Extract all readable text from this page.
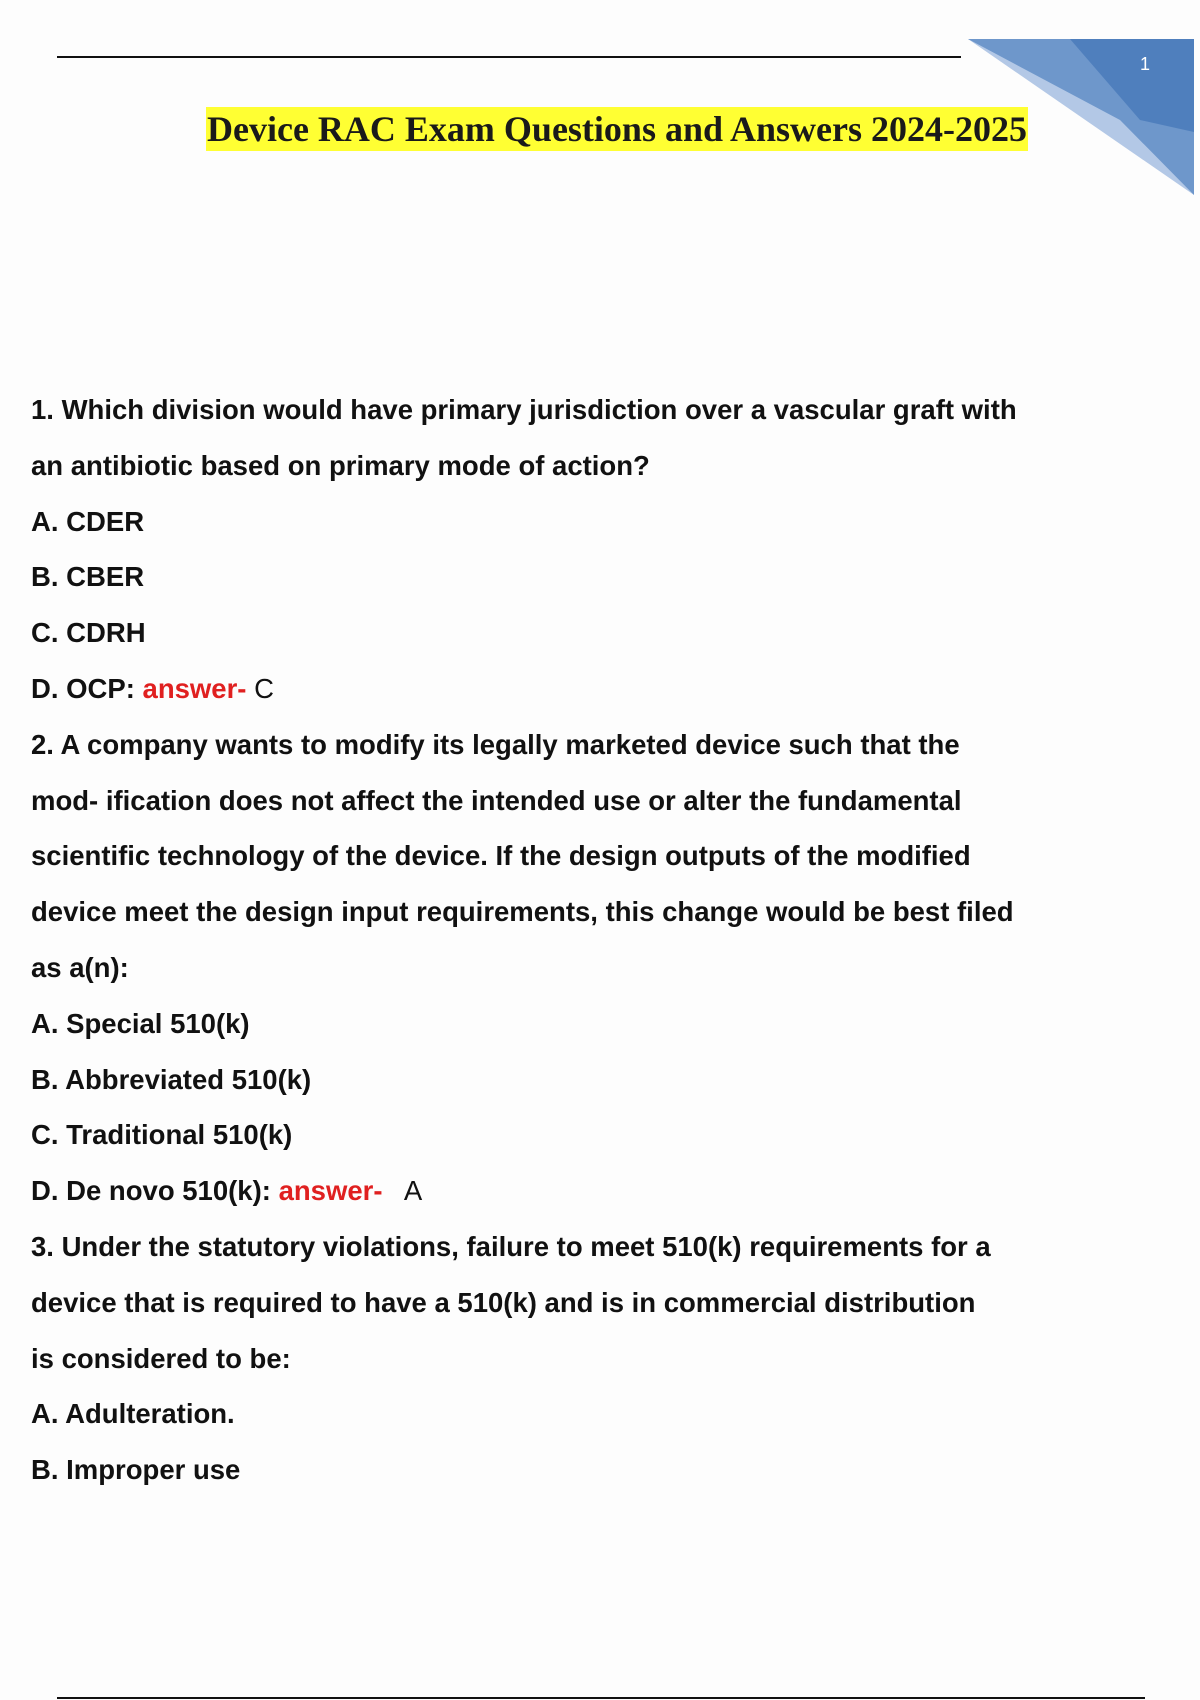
1
Device RAC Exam Questions and Answers 2024-2025
1. Which division would have primary jurisdiction over a vascular graft with
an antibiotic based on primary mode of action?
A. CDER
B. CBER
C. CDRH
D. OCP: answer- C
2. A company wants to modify its legally marketed device such that the
mod- ification does not affect the intended use or alter the fundamental
scientific technology of the device. If the design outputs of the modified
device meet the design input requirements, this change would be best filed
as a(n):
A. Special 510(k)
B. Abbreviated 510(k)
C. Traditional 510(k)
D. De novo 510(k): answer-   A
3. Under the statutory violations, failure to meet 510(k) requirements for a
device that is required to have a 510(k) and is in commercial distribution
is considered to be:
A. Adulteration.
B. Improper use
